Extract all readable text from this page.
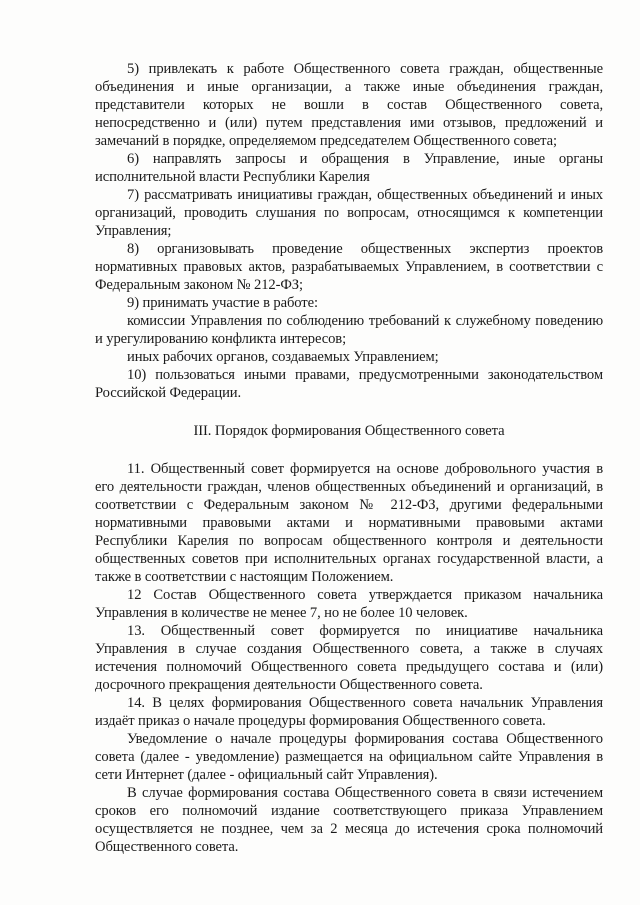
5) привлекать к работе Общественного совета граждан, общественные объединения и иные организации, а также иные объединения граждан, представители которых не вошли в состав Общественного совета, непосредственно и (или) путем представления ими отзывов, предложений и замечаний в порядке, определяемом председателем Общественного совета;

6) направлять запросы и обращения в Управление, иные органы исполнительной власти Республики Карелия

7) рассматривать инициативы граждан, общественных объединений и иных организаций, проводить слушания по вопросам, относящимся к компетенции Управления;

8) организовывать проведение общественных экспертиз проектов нормативных правовых актов, разрабатываемых Управлением, в соответствии с Федеральным законом № 212-ФЗ;

9) принимать участие в работе:

комиссии Управления по соблюдению требований к служебному поведению и урегулированию конфликта интересов;

иных рабочих органов, создаваемых Управлением;

10) пользоваться иными правами, предусмотренными законодательством Российской Федерации.

III. Порядок формирования Общественного совета

11. Общественный совет формируется на основе добровольного участия в его деятельности граждан, членов общественных объединений и организаций, в соответствии с Федеральным законом № 212-ФЗ, другими федеральными нормативными правовыми актами и нормативными правовыми актами Республики Карелия по вопросам общественного контроля и деятельности общественных советов при исполнительных органах государственной власти, а также в соответствии с настоящим Положением.

12 Состав Общественного совета утверждается приказом начальника Управления в количестве не менее 7, но не более 10 человек.

13. Общественный совет формируется по инициативе начальника Управления в случае создания Общественного совета, а также в случаях истечения полномочий Общественного совета предыдущего состава и (или) досрочного прекращения деятельности Общественного совета.

14. В целях формирования Общественного совета начальник Управления издаёт приказ о начале процедуры формирования Общественного совета.

Уведомление о начале процедуры формирования состава Общественного совета (далее - уведомление) размещается на официальном сайте Управления в сети Интернет (далее - официальный сайт Управления).

В случае формирования состава Общественного совета в связи истечением сроков его полномочий издание соответствующего приказа Управлением осуществляется не позднее, чем за 2 месяца до истечения срока полномочий Общественного совета.
